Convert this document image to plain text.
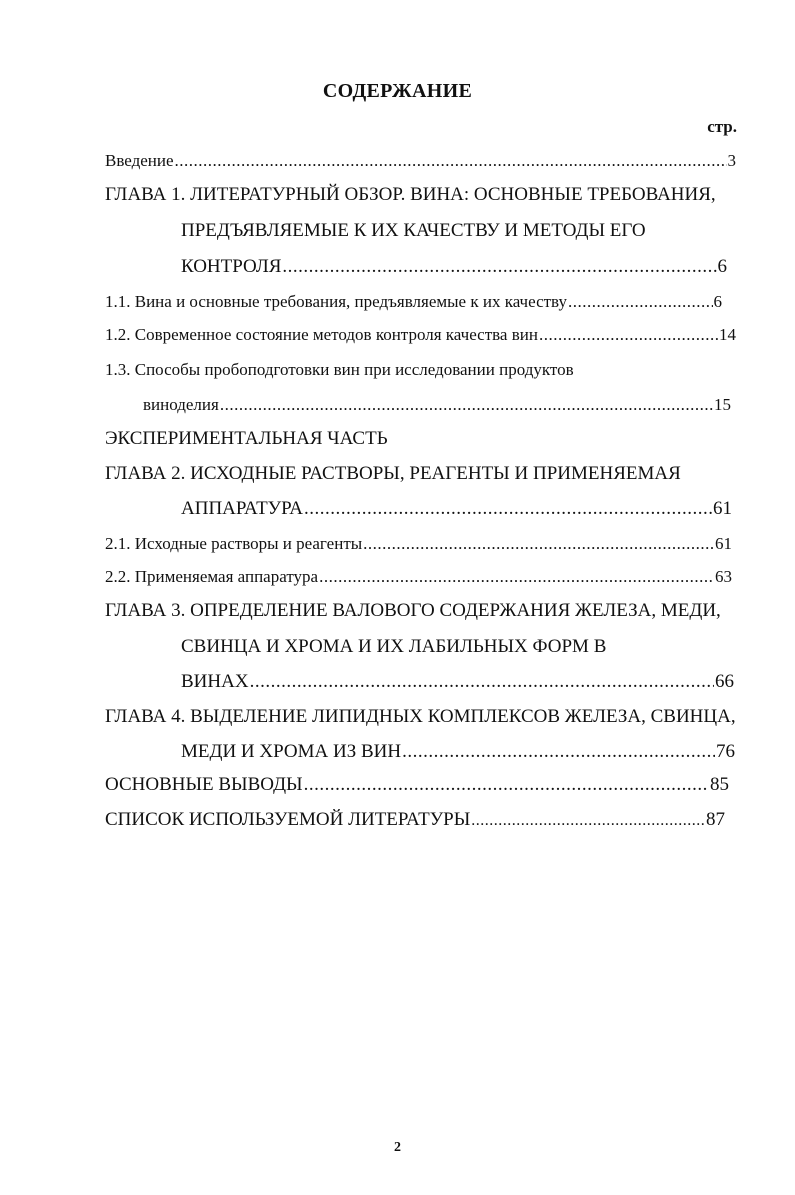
СОДЕРЖАНИЕ
стр.
Введение .....	3
ГЛАВА 1. ЛИТЕРАТУРНЫЙ ОБЗОР. ВИНА: ОСНОВНЫЕ ТРЕБОВАНИЯ,
ПРЕДЪЯВЛЯЕМЫЕ К ИХ КАЧЕСТВУ И МЕТОДЫ ЕГО
КОНТРОЛЯ .....	6
1.1. Вина и основные требования, предъявляемые к их качеству .....	6
1.2. Современное состояние методов контроля качества вин .....	14
1.3. Способы пробоподготовки вин при исследовании продуктов
виноделия .....	15
ЭКСПЕРИМЕНТАЛЬНАЯ ЧАСТЬ
ГЛАВА 2. ИСХОДНЫЕ РАСТВОРЫ, РЕАГЕНТЫ И ПРИМЕНЯЕМАЯ
АППАРАТУРА .....	61
2.1. Исходные растворы и реагенты .....	61
2.2. Применяемая аппаратура .....	63
ГЛАВА 3. ОПРЕДЕЛЕНИЕ ВАЛОВОГО СОДЕРЖАНИЯ ЖЕЛЕЗА, МЕДИ,
СВИНЦА И ХРОМА И ИХ ЛАБИЛЬНЫХ ФОРМ В
ВИНАХ .....	66
ГЛАВА 4. ВЫДЕЛЕНИЕ ЛИПИДНЫХ КОМПЛЕКСОВ ЖЕЛЕЗА, СВИНЦА,
МЕДИ И ХРОМА ИЗ ВИН .....	76
ОСНОВНЫЕ ВЫВОДЫ .....	85
СПИСОК ИСПОЛЬЗУЕМОЙ ЛИТЕРАТУРЫ .....	87
2
